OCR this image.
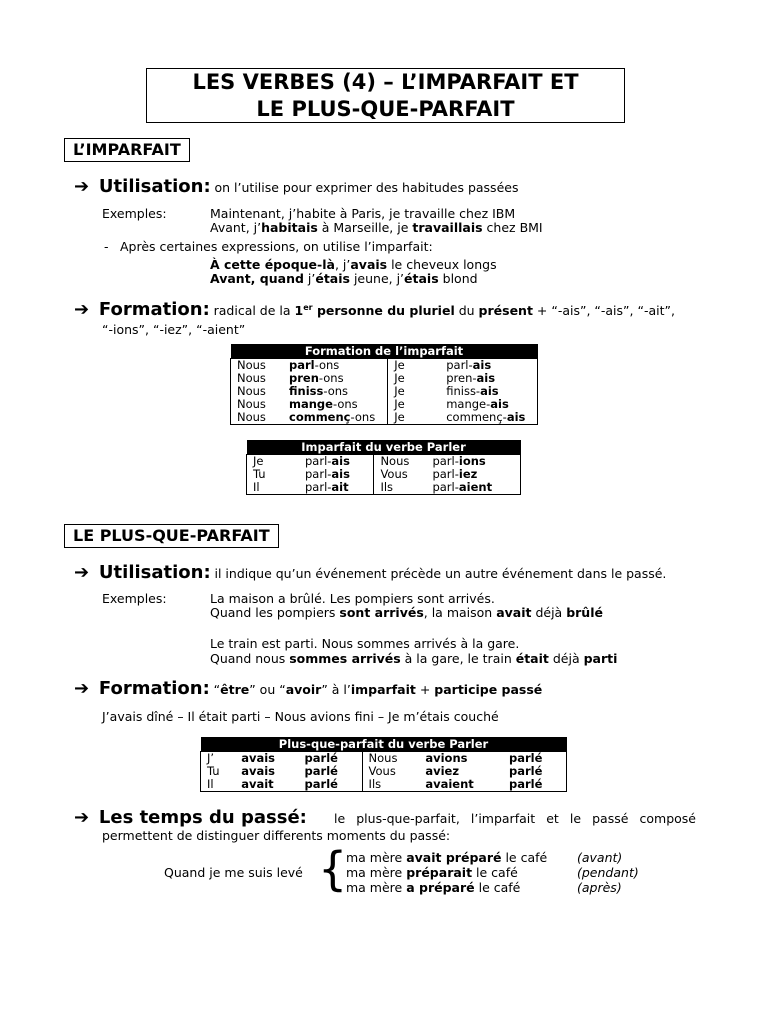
LES VERBES (4) – L’IMPARFAIT ET
LE PLUS-QUE-PARFAIT
L’IMPARFAIT
➔ Utilisation: on l’utilise pour exprimer des habitudes passées
Exemples:	Maintenant, j’habite à Paris, je travaille chez IBM
Avant, j’habitais à Marseille, je travaillais chez BMI
- Après certaines expressions, on utilise l’imparfait:
À cette époque-là, j’avais le cheveux longs
Avant, quand j’étais jeune, j’étais blond
➔ Formation: radical de la 1er personne du pluriel du présent + “-ais”, “-ais”, “-ait”,
“-ions”, “-iez”, “-aient”
Formation de l’imparfait			
Nous	parl-ons	Je	parl-ais
Nous	pren-ons	Je	pren-ais
Nous	finiss-ons	Je	finiss-ais
Nous	mange-ons	Je	mange-ais
Nous	commenç-ons	Je	commenç-ais
Imparfait du verbe Parler			
Je	parl-ais	Nous	parl-ions
Tu	parl-ais	Vous	parl-iez
Il	parl-ait	Ils	parl-aient
LE PLUS-QUE-PARFAIT
➔ Utilisation: il indique qu’un événement précède un autre événement dans le passé.
Exemples:	La maison a brûlé. Les pompiers sont arrivés.
Quand les pompiers sont arrivés, la maison avait déjà brûlé
Le train est parti. Nous sommes arrivés à la gare.
Quand nous sommes arrivés à la gare, le train était déjà parti
➔ Formation: “être” ou “avoir” à l’imparfait + participe passé
J’avais dîné – Il était parti – Nous avions fini – Je m’étais couché
Plus-que-parfait du verbe Parler					
J’	avais	parlé	Nous	avions	parlé
Tu	avais	parlé	Vous	aviez	parlé
Il	avait	parlé	Ils	avaient	parlé
➔ Les temps du passé: le plus-que-parfait, l’imparfait et le passé composé
permettent de distinguer differents moments du passé:
Quand je me suis levé {
ma mère avait préparé le café (avant)
ma mère préparait le café	(pendant)
ma mère a préparé le café	(après)
